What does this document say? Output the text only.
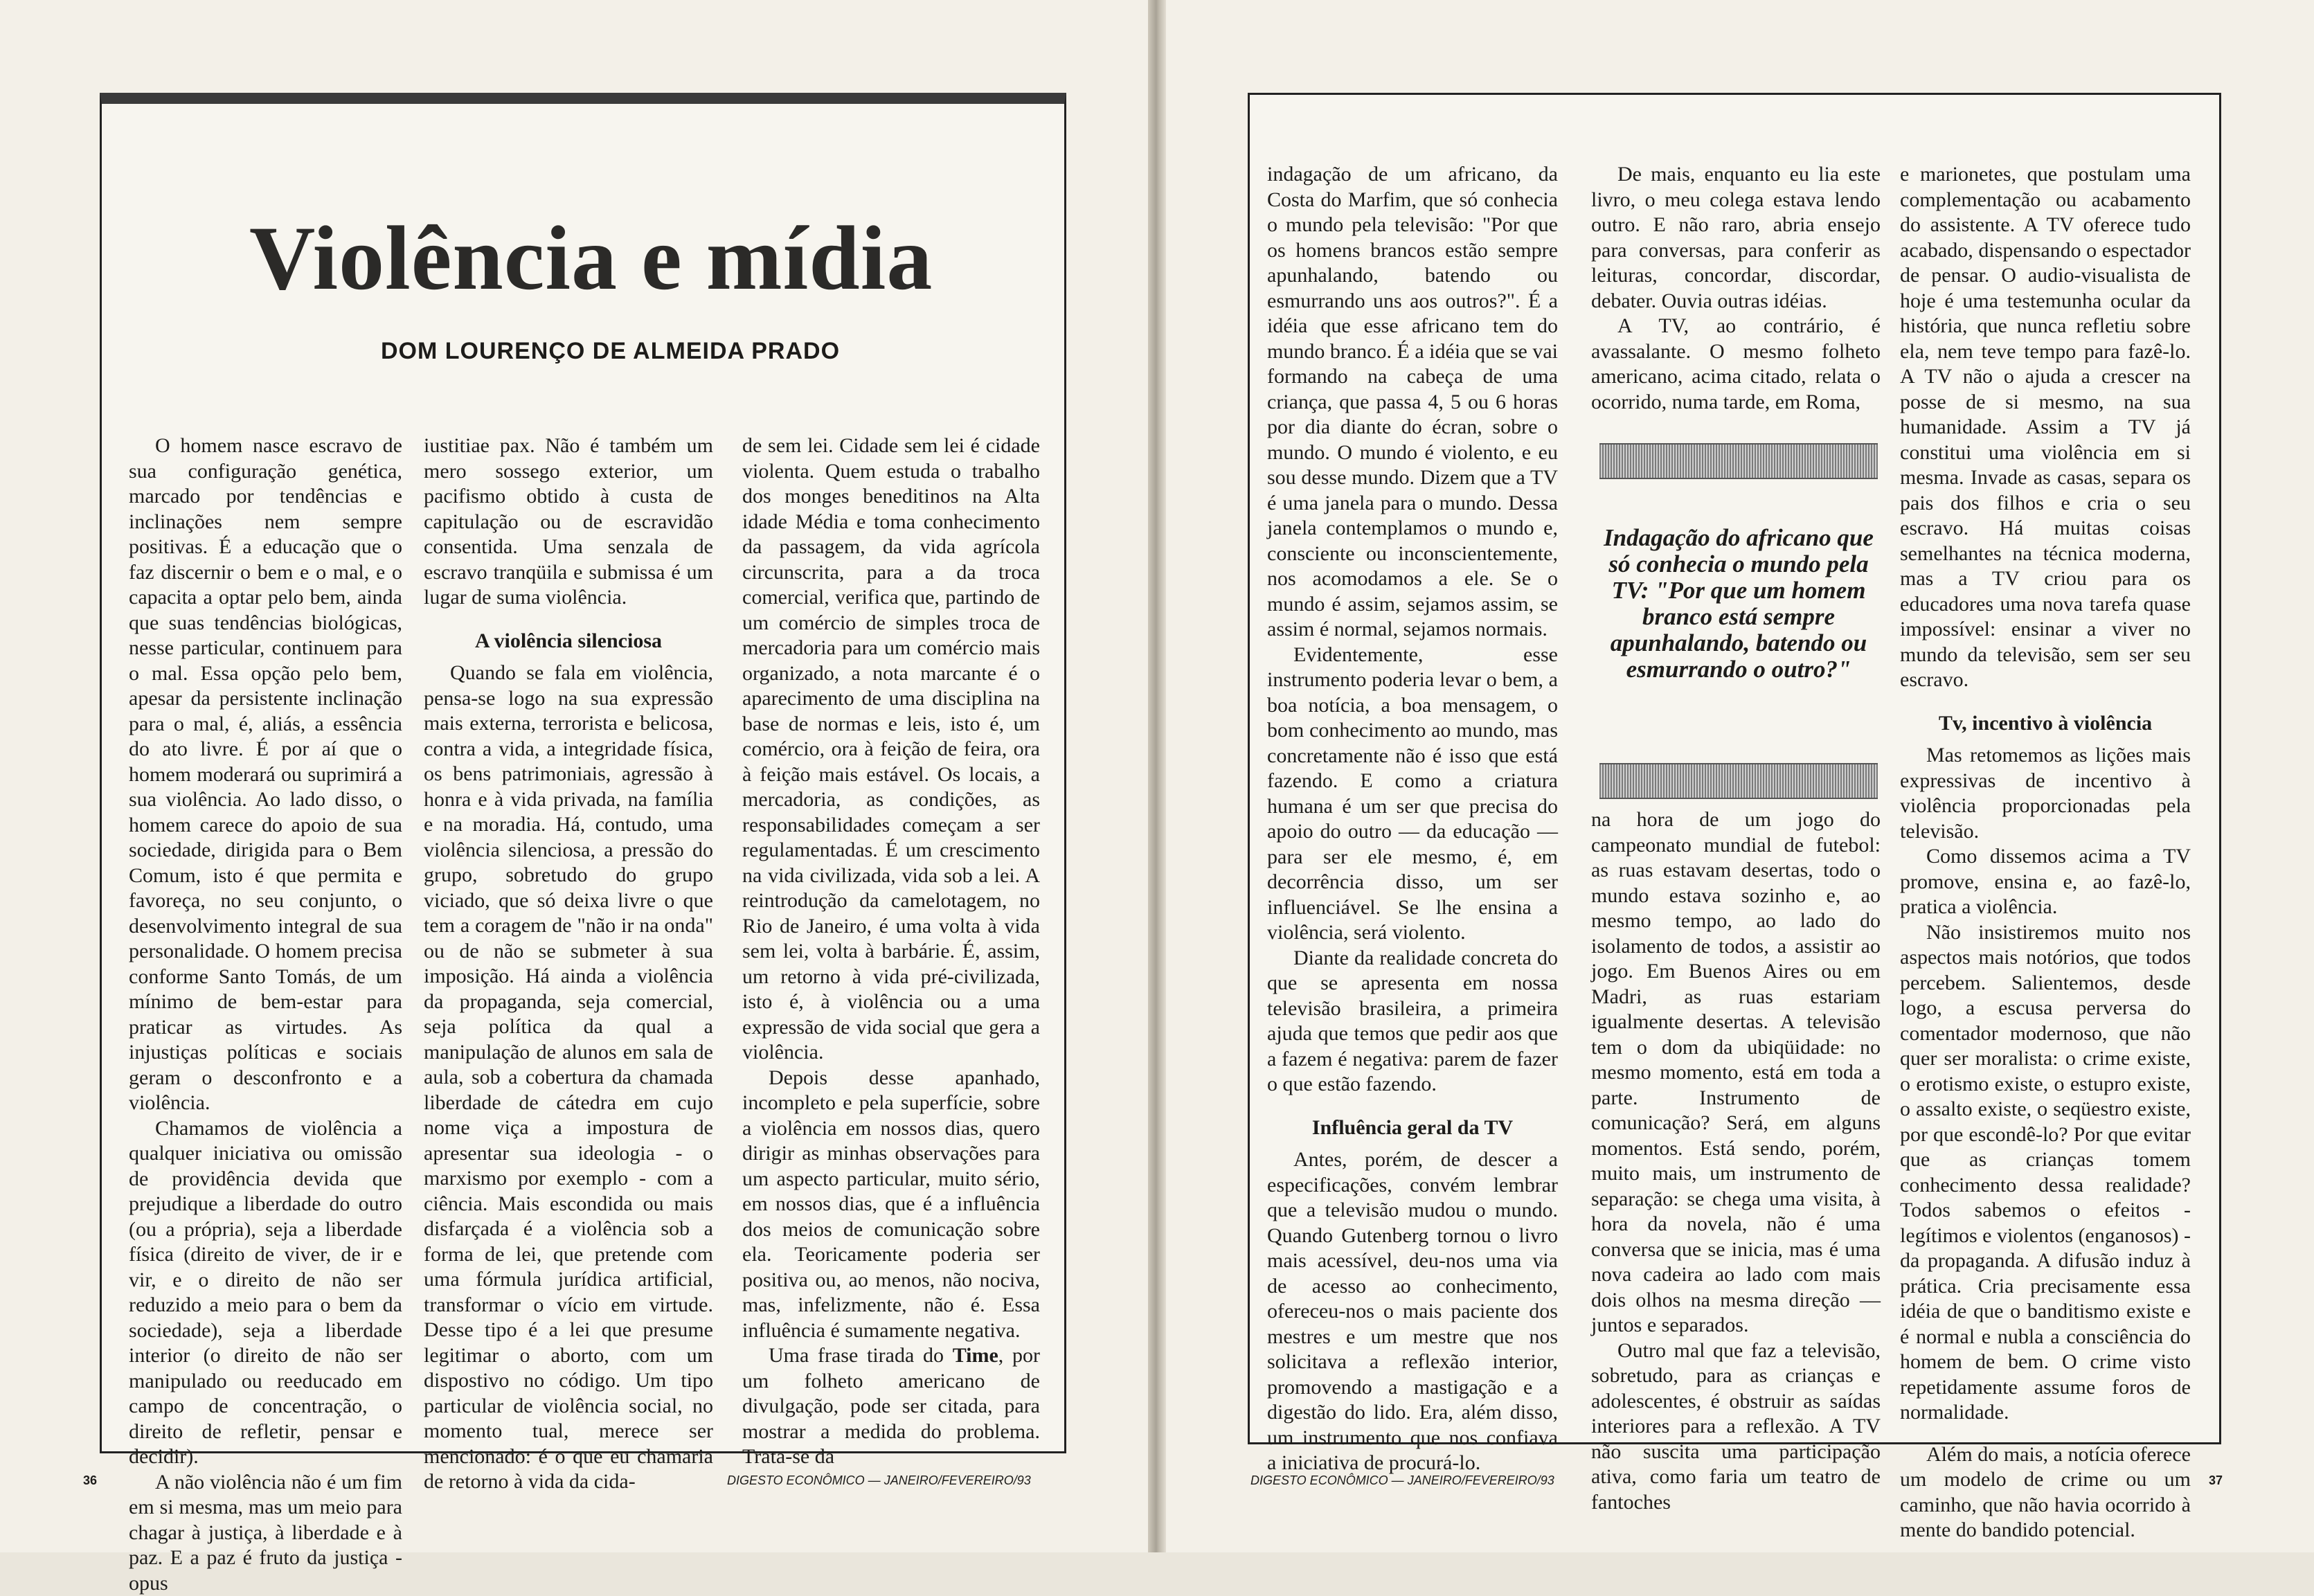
Violência e mídia
DOM LOURENÇO DE ALMEIDA PRADO

O homem nasce escravo de sua configuração genética, marcado por tendências e inclinações nem sempre positivas. É a educação que o faz discernir o bem e o mal, e o capacita a optar pelo bem, ainda que suas tendências biológicas, nesse particular, continuem para o mal. Essa opção pelo bem, apesar da persistente inclinação para o mal, é, aliás, a essência do ato livre. É por aí que o homem moderará ou suprimirá a sua violência. Ao lado disso, o homem carece do apoio de sua sociedade, dirigida para o Bem Comum, isto é que permita e favoreça, no seu conjunto, o desenvolvimento integral de sua personalidade. O homem precisa conforme Santo Tomás, de um mínimo de bem-estar para praticar as virtudes. As injustiças políticas e sociais geram o desconfronto e a violência.

Chamamos de violência a qualquer iniciativa ou omissão de providência devida que prejudique a liberdade do outro (ou a própria), seja a liberdade física (direito de viver, de ir e vir, e o direito de não ser reduzido a meio para o bem da sociedade), seja a liberdade interior (o direito de não ser manipulado ou reeducado em campo de concentração, o direito de refletir, pensar e decidir).

A não violência não é um fim em si mesma, mas um meio para chagar à justiça, à liberdade e à paz. E a paz é fruto da justiça - opus

iustitiae pax. Não é também um mero sossego exterior, um pacifismo obtido à custa de capitulação ou de escravidão consentida. Uma senzala de escravo tranqüila e submissa é um lugar de suma violência.

A violência silenciosa

Quando se fala em violência, pensa-se logo na sua expressão mais externa, terrorista e belicosa, contra a vida, a integridade física, os bens patrimoniais, agressão à honra e à vida privada, na família e na moradia. Há, contudo, uma violência silenciosa, a pressão do grupo, sobretudo do grupo viciado, que só deixa livre o que tem a coragem de "não ir na onda" ou de não se submeter à sua imposição. Há ainda a violência da propaganda, seja comercial, seja política da qual a manipulação de alunos em sala de aula, sob a cobertura da chamada liberdade de cátedra em cujo nome viça a impostura de apresentar sua ideologia - o marxismo por exemplo - com a ciência. Mais escondida ou mais disfarçada é a violência sob a forma de lei, que pretende com uma fórmula jurídica artificial, transformar o vício em virtude. Desse tipo é a lei que presume legitimar o aborto, com um dispostivo no código. Um tipo particular de violência social, no momento tual, merece ser mencionado: é o que eu chamaria de retorno à vida da cida-

de sem lei. Cidade sem lei é cidade violenta. Quem estuda o trabalho dos monges beneditinos na Alta idade Média e toma conhecimento da passagem, da vida agrícola circunscrita, para a da troca comercial, verifica que, partindo de um comércio de simples troca de mercadoria para um comércio mais organizado, a nota marcante é o aparecimento de uma disciplina na base de normas e leis, isto é, um comércio, ora à feição de feira, ora à feição mais estável. Os locais, a mercadoria, as condições, as responsabilidades começam a ser regulamentadas. É um crescimento na vida civilizada, vida sob a lei. A reintrodução da camelotagem, no Rio de Janeiro, é uma volta à vida sem lei, volta à barbárie. É, assim, um retorno à vida pré-civilizada, isto é, à violência ou a uma expressão de vida social que gera a violência.

Depois desse apanhado, incompleto e pela superfície, sobre a violência em nossos dias, quero dirigir as minhas observações para um aspecto particular, muito sério, em nossos dias, que é a influência dos meios de comunicação sobre ela. Teoricamente poderia ser positiva ou, ao menos, não nociva, mas, infelizmente, não é. Essa influência é sumamente negativa.

Uma frase tirada do Time, por um folheto americano de divulgação, pode ser citada, para mostrar a medida do problema. Trata-se da

indagação de um africano, da Costa do Marfim, que só conhecia o mundo pela televisão: "Por que os homens brancos estão sempre apunhalando, batendo ou esmurrando uns aos outros?". É a idéia que esse africano tem do mundo branco. É a idéia que se vai formando na cabeça de uma criança, que passa 4, 5 ou 6 horas por dia diante do écran, sobre o mundo. O mundo é violento, e eu sou desse mundo. Dizem que a TV é uma janela para o mundo. Dessa janela contemplamos o mundo e, consciente ou inconscientemente, nos acomodamos a ele. Se o mundo é assim, sejamos assim, se assim é normal, sejamos normais.

Evidentemente, esse instrumento poderia levar o bem, a boa notícia, a boa mensagem, o bom conhecimento ao mundo, mas concretamente não é isso que está fazendo. E como a criatura humana é um ser que precisa do apoio do outro — da educação — para ser ele mesmo, é, em decorrência disso, um ser influenciável. Se lhe ensina a violência, será violento.

Diante da realidade concreta do que se apresenta em nossa televisão brasileira, a primeira ajuda que temos que pedir aos que a fazem é negativa: parem de fazer o que estão fazendo.

Influência geral da TV

Antes, porém, de descer a especificações, convém lembrar que a televisão mudou o mundo. Quando Gutenberg tornou o livro mais acessível, deu-nos uma via de acesso ao conhecimento, ofereceu-nos o mais paciente dos mestres e um mestre que nos solicitava a reflexão interior, promovendo a mastigação e a digestão do lido. Era, além disso, um instrumento que nos confiava a iniciativa de procurá-lo.

De mais, enquanto eu lia este livro, o meu colega estava lendo outro. E não raro, abria ensejo para conversas, para conferir as leituras, concordar, discordar, debater. Ouvia outras idéias.

A TV, ao contrário, é avassalante. O mesmo folheto americano, acima citado, relata o ocorrido, numa tarde, em Roma,

Indagação do africano que só conhecia o mundo pela TV: "Por que um homem branco está sempre apunhalando, batendo ou esmurrando o outro?"

na hora de um jogo do campeonato mundial de futebol: as ruas estavam desertas, todo o mundo estava sozinho e, ao mesmo tempo, ao lado do isolamento de todos, a assistir ao jogo. Em Buenos Aires ou em Madri, as ruas estariam igualmente desertas. A televisão tem o dom da ubiqüidade: no mesmo momento, está em toda a parte. Instrumento de comunicação? Será, em alguns momentos. Está sendo, porém, muito mais, um instrumento de separação: se chega uma visita, à hora da novela, não é uma conversa que se inicia, mas é uma nova cadeira ao lado com mais dois olhos na mesma direção — juntos e separados.

Outro mal que faz a televisão, sobretudo, para as crianças e adolescentes, é obstruir as saídas interiores para a reflexão. A TV não suscita uma participação ativa, como faria um teatro de fantoches

e marionetes, que postulam uma complementação ou acabamento do assistente. A TV oferece tudo acabado, dispensando o espectador de pensar. O audio-visualista de hoje é uma testemunha ocular da história, que nunca refletiu sobre ela, nem teve tempo para fazê-lo. A TV não o ajuda a crescer na posse de si mesmo, na sua humanidade. Assim a TV já constitui uma violência em si mesma. Invade as casas, separa os pais dos filhos e cria o seu escravo. Há muitas coisas semelhantes na técnica moderna, mas a TV criou para os educadores uma nova tarefa quase impossível: ensinar a viver no mundo da televisão, sem ser seu escravo.

Tv, incentivo à violência

Mas retomemos as lições mais expressivas de incentivo à violência proporcionadas pela televisão.

Como dissemos acima a TV promove, ensina e, ao fazê-lo, pratica a violência.

Não insistiremos muito nos aspectos mais notórios, que todos percebem. Salientemos, desde logo, a escusa perversa do comentador modernoso, que não quer ser moralista: o crime existe, o erotismo existe, o estupro existe, o assalto existe, o seqüestro existe, por que escondê-lo? Por que evitar que as crianças tomem conhecimento dessa realidade? Todos sabemos o efeitos - legítimos e violentos (enganosos) - da propaganda. A difusão induz à prática. Cria precisamente essa idéia de que o banditismo existe e é normal e nubla a consciência do homem de bem. O crime visto repetidamente assume foros de normalidade.

Além do mais, a notícia oferece um modelo de crime ou um caminho, que não havia ocorrido à mente do bandido potencial.

36	DIGESTO ECONÔMICO — JANEIRO/FEVEREIRO/93	DIGESTO ECONÔMICO — JANEIRO/FEVEREIRO/93	37
